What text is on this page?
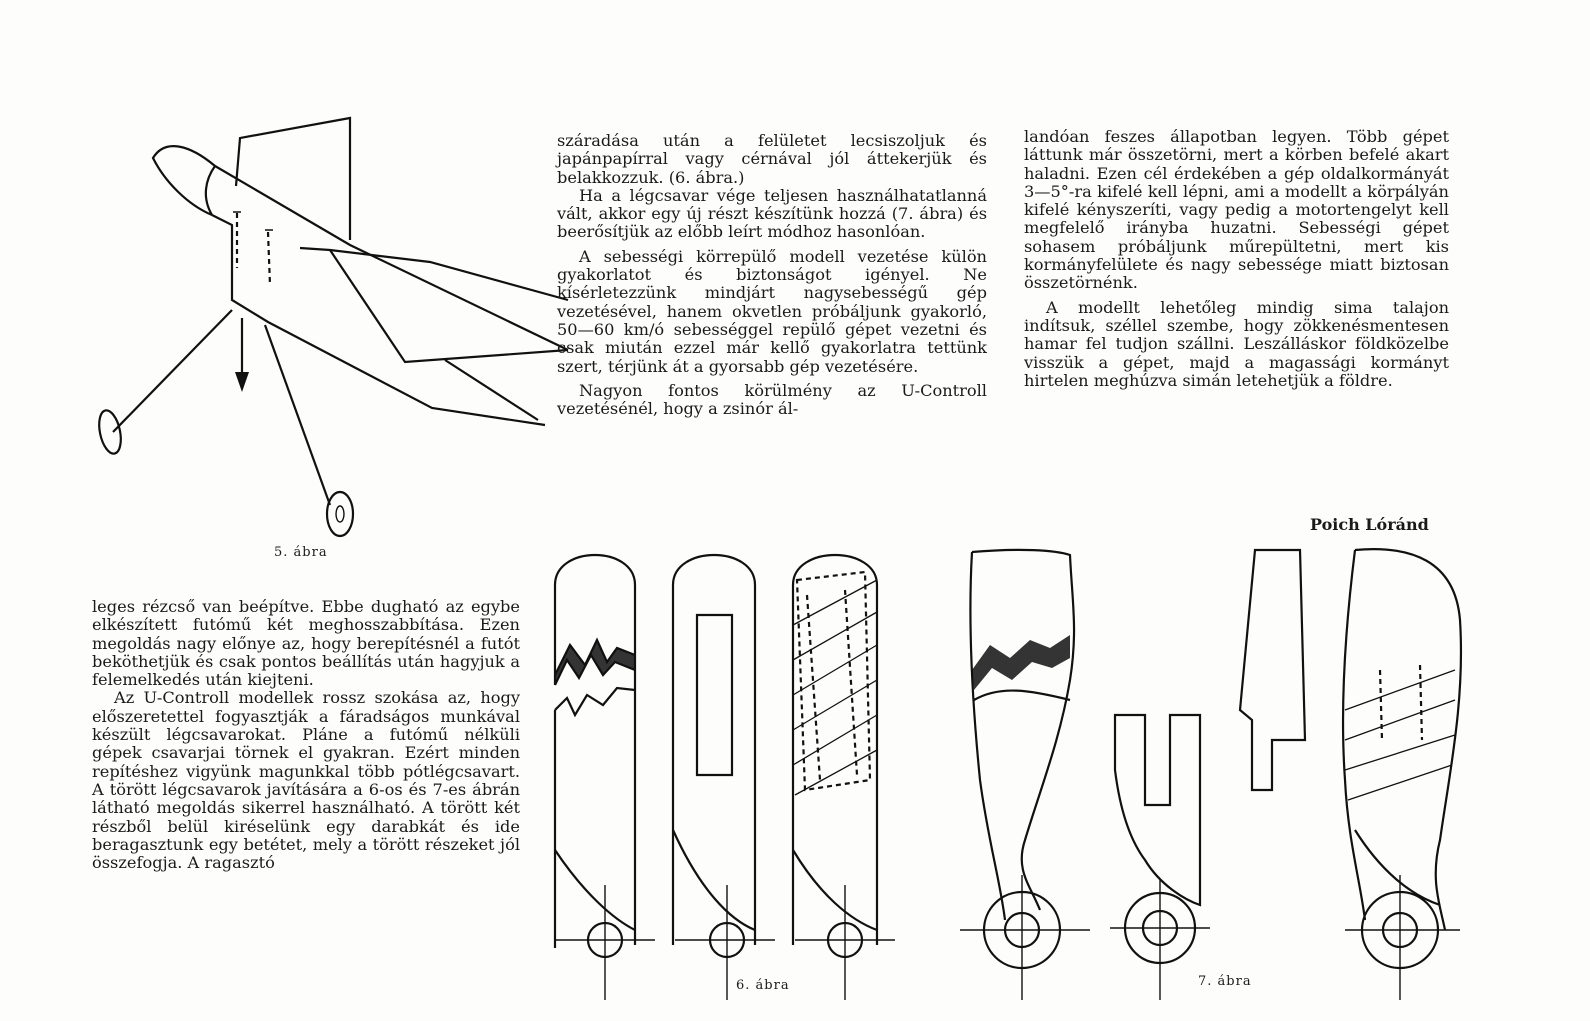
5. ábra

leges rézcső van beépítve. Ebbe dugható az egybe elkészített futómű két meghosszabbítása. Ezen megoldás nagy előnye az, hogy berepítésnél a futót beköthetjük és csak pontos beállítás után hagyjuk a felemelkedés után kiejteni.

Az U-Controll modellek rossz szokása az, hogy előszeretettel fogyasztják a fáradságos munkával készült légcsavarokat. Pláne a futómű nélküli gépek csavarjai törnek el gyakran. Ezért minden repítéshez vigyünk magunkkal több pótlégcsavart. A törött légcsavarok javítására a 6-os és 7-es ábrán látható megoldás sikerrel használható. A törött két részből belül kiréselünk egy darabkát és ide beragasztunk egy betétet, mely a törött részeket jól összefogja. A ragasztó

száradása után a felületet lecsiszoljuk és japánpapírral vagy cérnával jól áttekerjük és belakkozzuk. (6. ábra.)

Ha a légcsavar vége teljesen használhatatlanná vált, akkor egy új részt készítünk hozzá (7. ábra) és beerősítjük az előbb leírt módhoz hasonlóan.

A sebességi körrepülő modell vezetése külön gyakorlatot és biztonságot igényel. Ne kísérletezzünk mindjárt nagysebességű gép vezetésével, hanem okvetlen próbáljunk gyakorló, 50—60 km/ó sebességgel repülő gépet vezetni és csak miután ezzel már kellő gyakorlatra tettünk szert, térjünk át a gyorsabb gép vezetésére.

Nagyon fontos körülmény az U-Controll vezetésénél, hogy a zsinór ál-

landóan feszes állapotban legyen. Több gépet láttunk már összetörni, mert a körben befelé akart haladni. Ezen cél érdekében a gép oldalkormányát 3—5°-ra kifelé kell lépni, ami a modellt a körpályán kifelé kényszeríti, vagy pedig a motortengelyt kell megfelelő irányba huzatni. Sebességi gépet sohasem próbáljunk műrepültetni, mert kis kormányfelülete és nagy sebessége miatt biztosan összetörnénk.

A modellt lehetőleg mindig sima talajon indítsuk, széllel szembe, hogy zökkenésmentesen hamar fel tudjon szállni. Leszálláskor földközelbe visszük a gépet, majd a magassági kormányt hirtelen meghúzva simán letehetjük a földre.

Poich Lóránd
6. ábra	7. ábra
